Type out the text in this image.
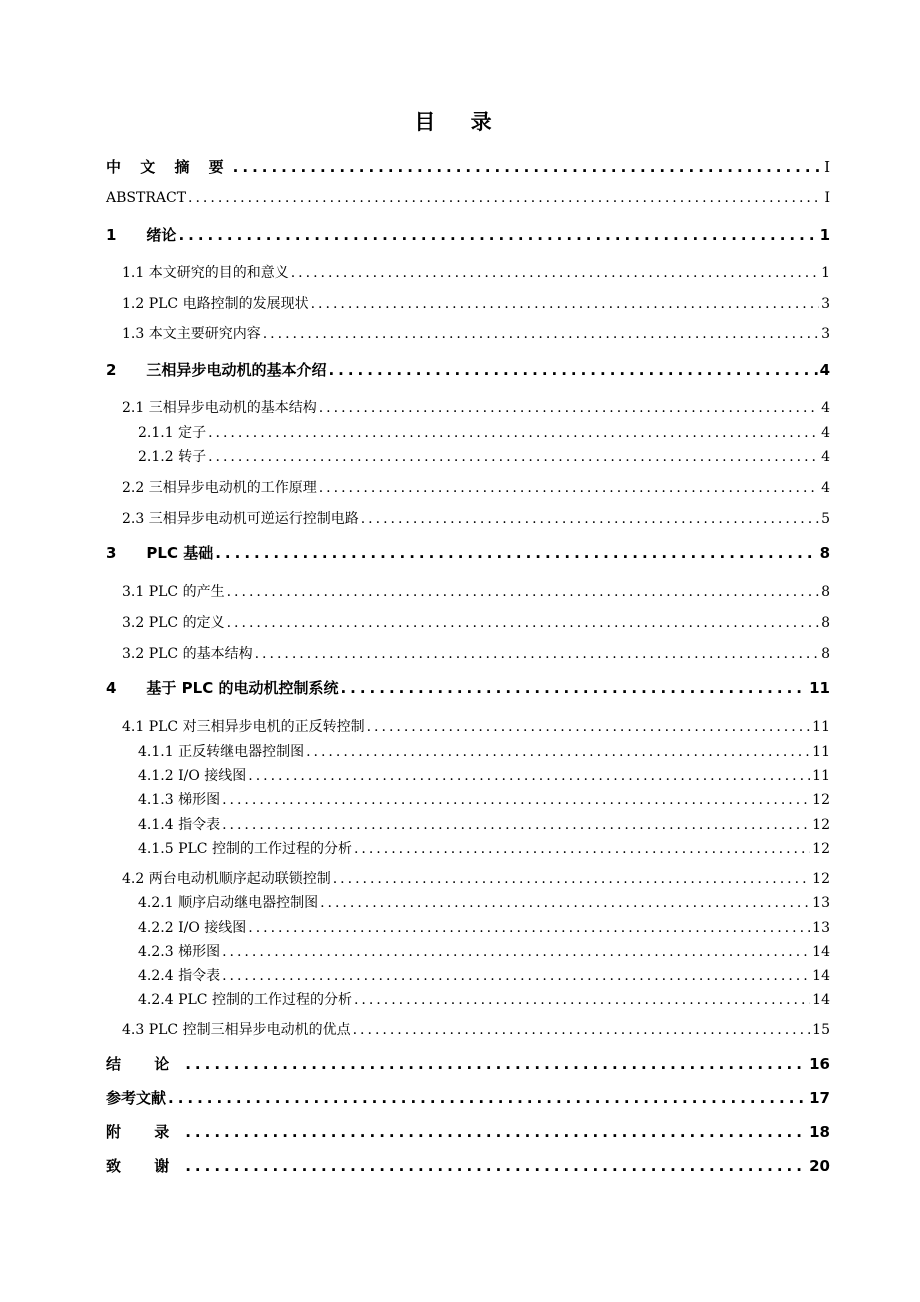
目 录
中 文 摘 要 .....	I
ABSTRACT .....	I
1　　绪论 .....	1
1.1 本文研究的目的和意义 .....	1
1.2 PLC 电路控制的发展现状 .....	3
1.3 本文主要研究内容 .....	3
2　　三相异步电动机的基本介绍 .....	4
2.1 三相异步电动机的基本结构 .....	4
2.1.1 定子 .....	4
2.1.2 转子 .....	4
2.2 三相异步电动机的工作原理 .....	4
2.3 三相异步电动机可逆运行控制电路 .....	5
3　　PLC 基础 .....	8
3.1 PLC 的产生 .....	8
3.2 PLC 的定义 .....	8
3.2 PLC 的基本结构 .....	8
4　　基于 PLC 的电动机控制系统 .....	11
4.1 PLC 对三相异步电机的正反转控制 .....	11
4.1.1 正反转继电器控制图 .....	11
4.1.2 I/O 接线图 .....	11
4.1.3 梯形图 .....	12
4.1.4 指令表 .....	12
4.1.5 PLC 控制的工作过程的分析 .....	12
4.2 两台电动机顺序起动联锁控制 .....	12
4.2.1 顺序启动继电器控制图 .....	13
4.2.2 I/O 接线图 .....	13
4.2.3 梯形图 .....	14
4.2.4 指令表 .....	14
4.2.4 PLC 控制的工作过程的分析 .....	14
4.3 PLC 控制三相异步电动机的优点 .....	15
结 论 .....	16
参考文献 .....	17
附 录 .....	18
致 谢 .....	20
